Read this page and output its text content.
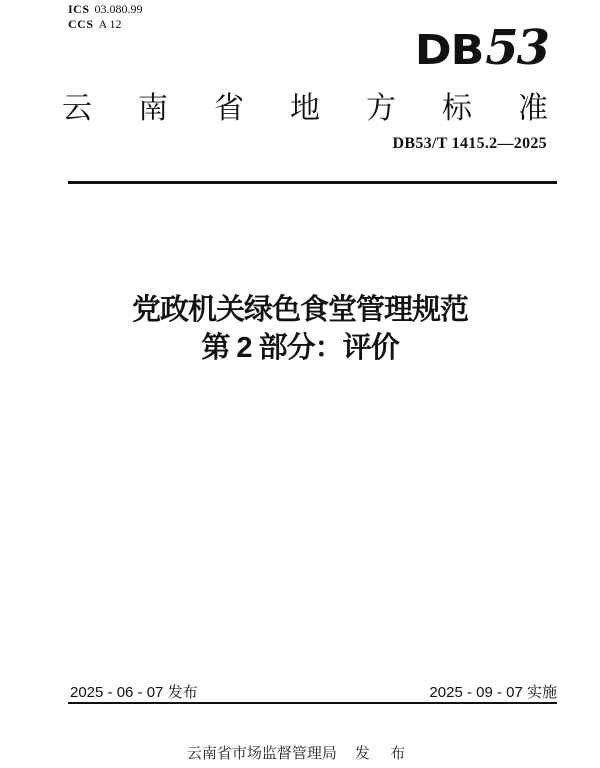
ICS 03.080.99
CCS A 12
DB53
云 南 省 地 方 标 准
DB53/T 1415.2—2025
党政机关绿色食堂管理规范
第 2 部分：评价
2025 - 06 - 07 发布	2025 - 09 - 07 实施
云南省市场监督管理局 发 布
